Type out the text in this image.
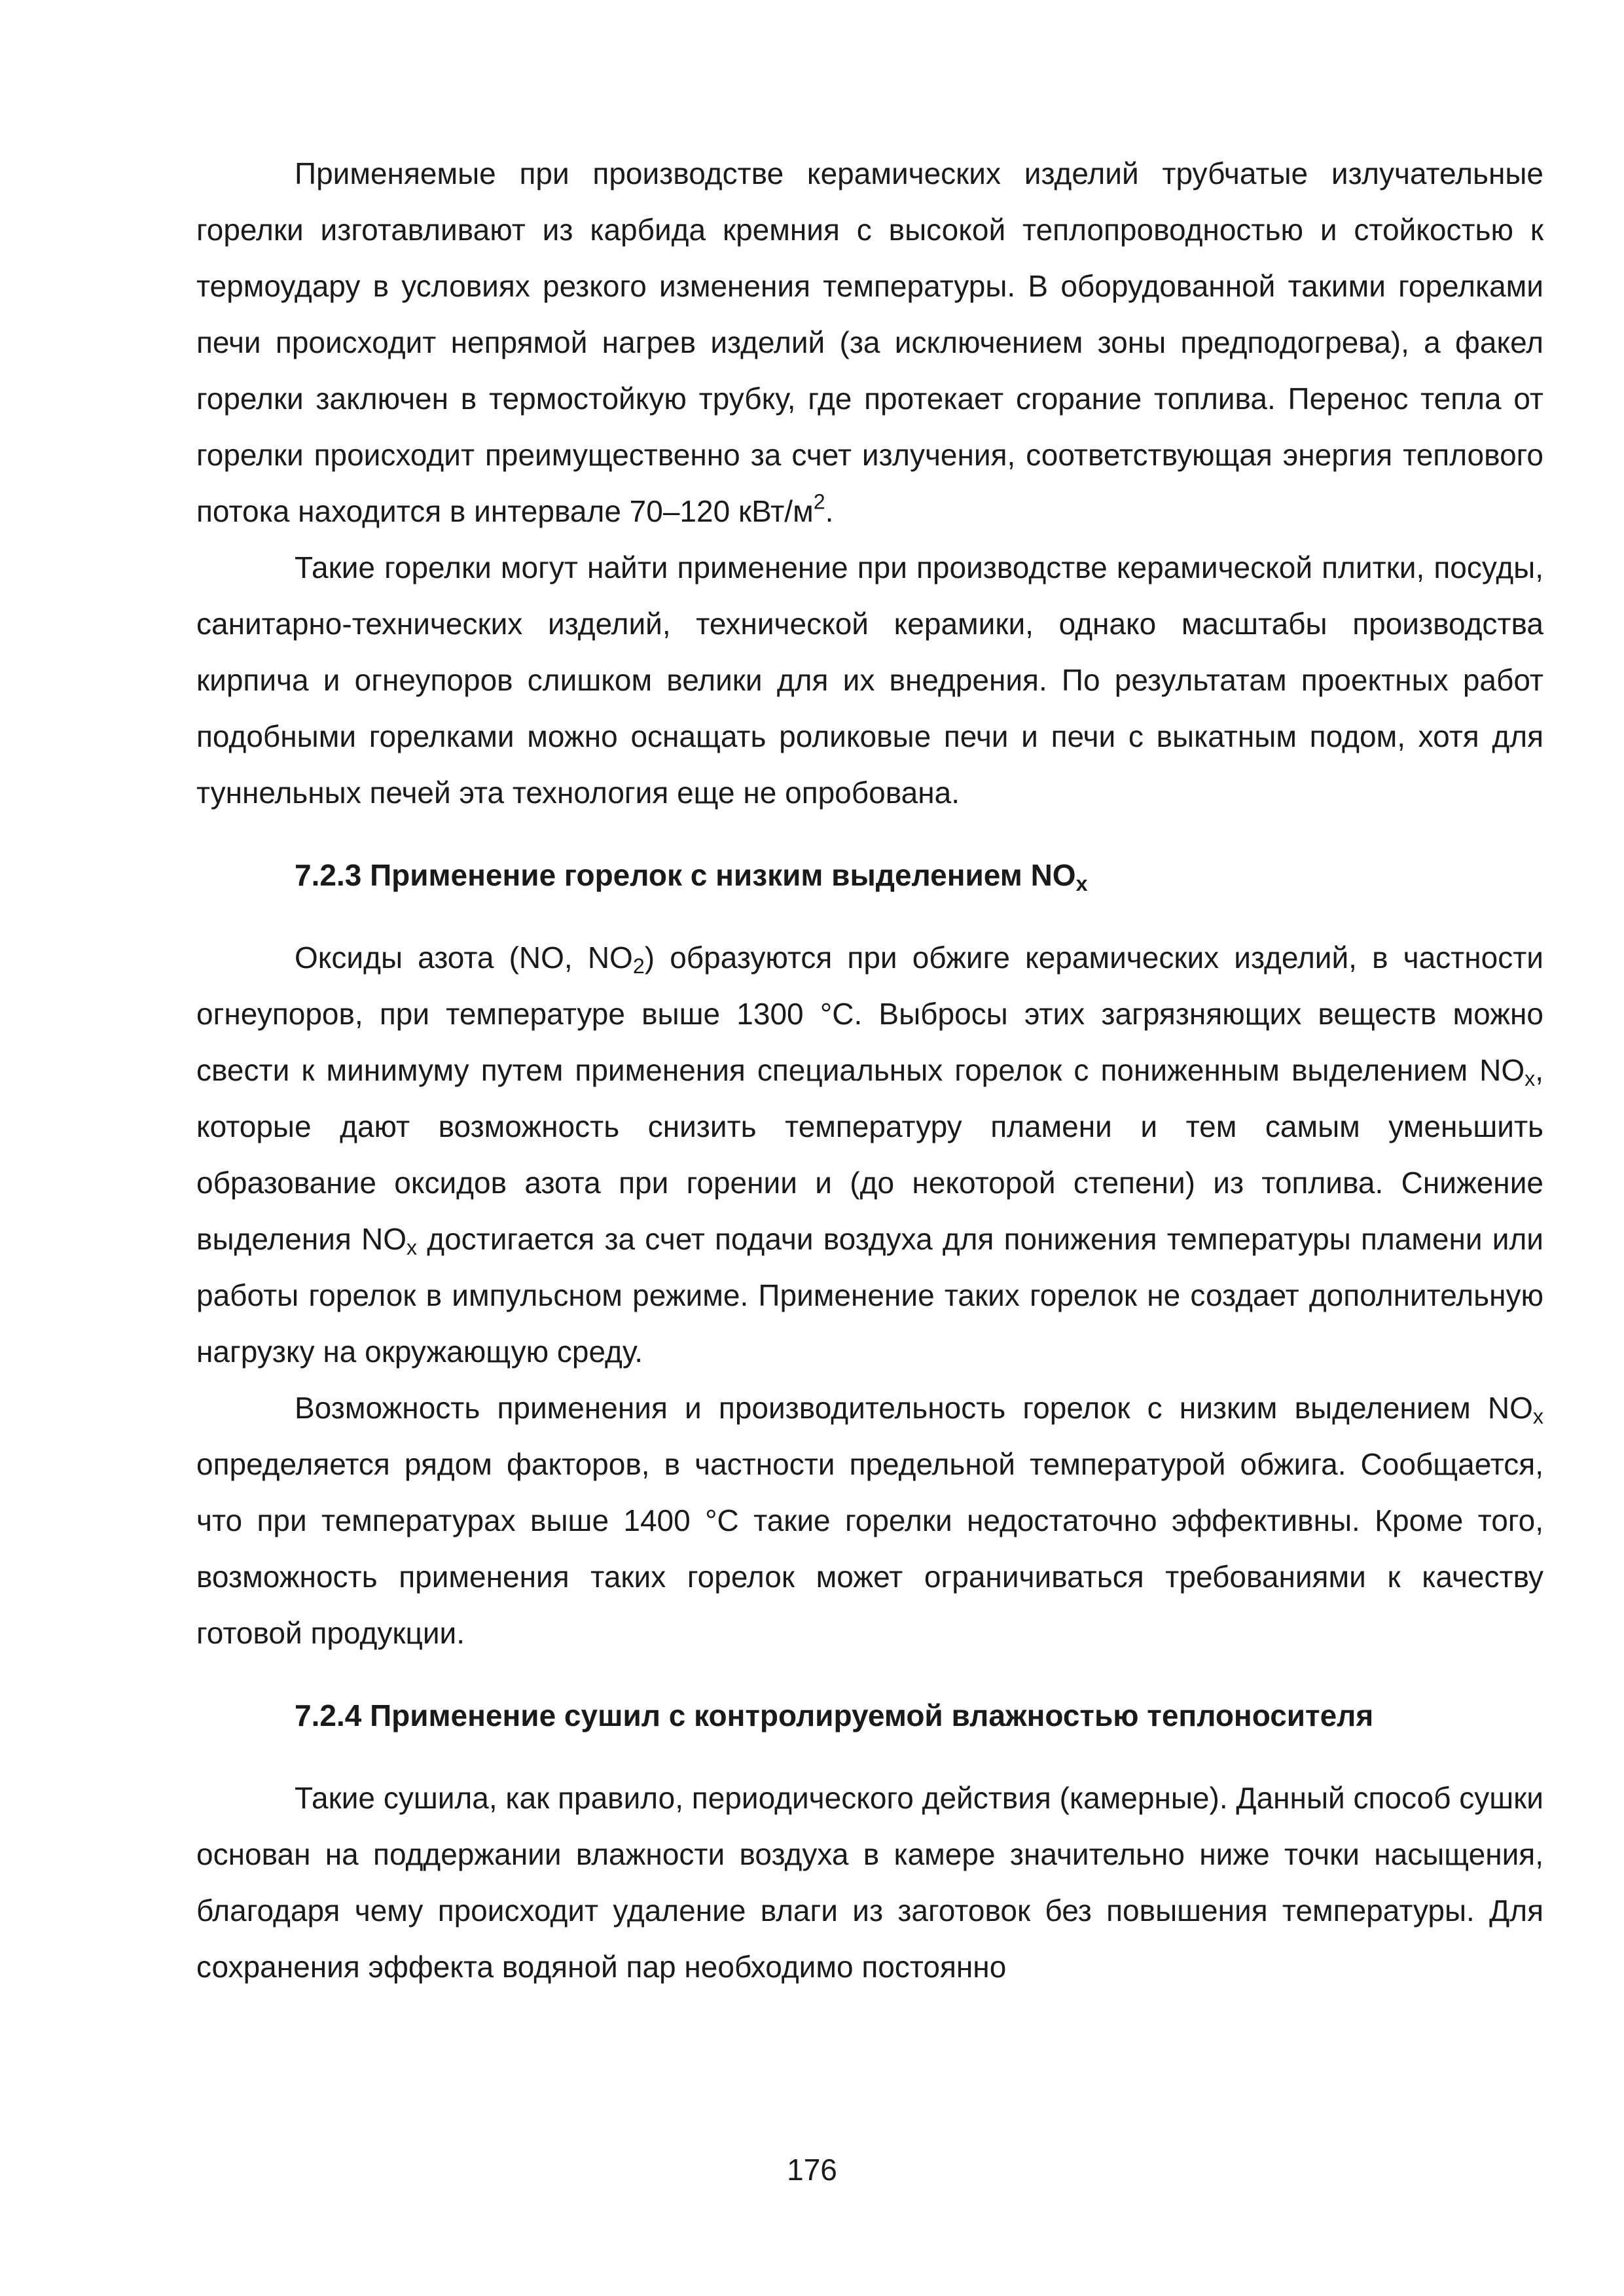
Применяемые при производстве керамических изделий трубчатые излучательные горелки изготавливают из карбида кремния с высокой теплопроводностью и стойкостью к термоудару в условиях резкого изменения температуры. В оборудованной такими горелками печи происходит непрямой нагрев изделий (за исключением зоны предподогрева), а факел горелки заключен в термостойкую трубку, где протекает сгорание топлива. Перенос тепла от горелки происходит преимущественно за счет излучения, соответствующая энергия теплового потока находится в интервале 70–120 кВт/$м^2$.

Такие горелки могут найти применение при производстве керамической плитки, посуды, санитарно-технических изделий, технической керамики, однако масштабы производства кирпича и огнеупоров слишком велики для их внедрения. По результатам проектных работ подобными горелками можно оснащать роликовые печи и печи с выкатным подом, хотя для туннельных печей эта технология еще не опробована.

7.2.3 Применение горелок с низким выделением $NO_x$

Оксиды азота (NO, $NO_2$) образуются при обжиге керамических изделий, в частности огнеупоров, при температуре выше 1300 °С. Выбросы этих загрязняющих веществ можно свести к минимуму путем применения специальных горелок с пониженным выделением $NO_x$, которые дают возможность снизить температуру пламени и тем самым уменьшить образование оксидов азота при горении и (до некоторой степени) из топлива. Снижение выделения $NO_x$ достигается за счет подачи воздуха для понижения температуры пламени или работы горелок в импульсном режиме. Применение таких горелок не создает дополнительную нагрузку на окружающую среду.

Возможность применения и производительность горелок с низким выделением $NO_x$ определяется рядом факторов, в частности предельной температурой обжига. Сообщается, что при температурах выше 1400 °С такие горелки недостаточно эффективны. Кроме того, возможность применения таких горелок может ограничиваться требованиями к качеству готовой продукции.

7.2.4 Применение сушил с контролируемой влажностью теплоносителя

Такие сушила, как правило, периодического действия (камерные). Данный способ сушки основан на поддержании влажности воздуха в камере значительно ниже точки насыщения, благодаря чему происходит удаление влаги из заготовок без повышения температуры. Для сохранения эффекта водяной пар необходимо постоянно

176
